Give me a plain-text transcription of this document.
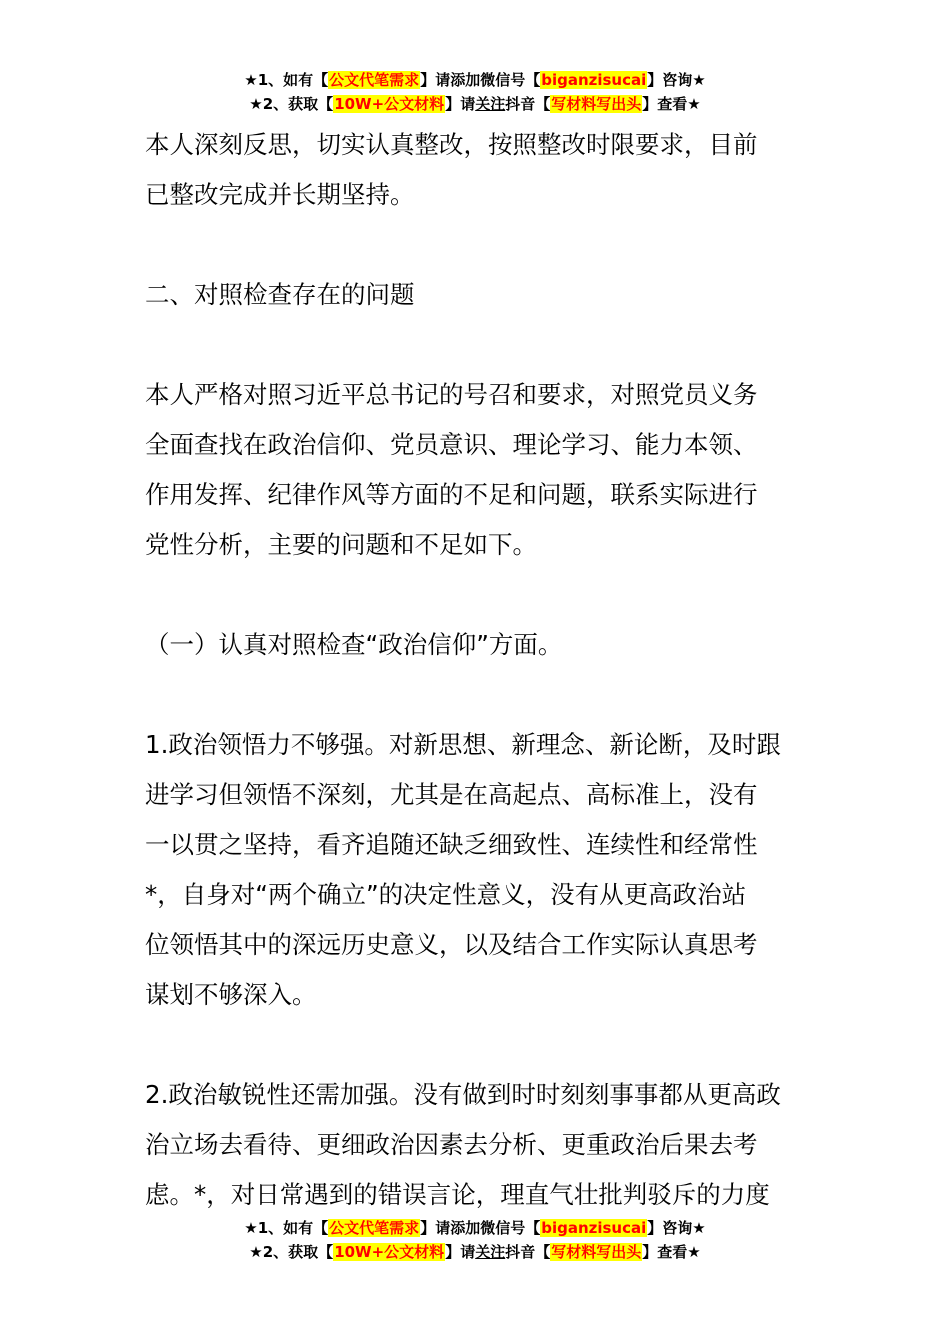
★1、如有【公文代笔需求】请添加微信号【biganzisucai】咨询★
★2、获取【10W+公文材料】请关注抖音【写材料写出头】查看★

本人深刻反思，切实认真整改，按照整改时限要求，目前

已整改完成并长期坚持。

二、对照检查存在的问题

本人严格对照习近平总书记的号召和要求，对照党员义务

全面查找在政治信仰、党员意识、理论学习、能力本领、

作用发挥、纪律作风等方面的不足和问题，联系实际进行

党性分析，主要的问题和不足如下。

（一）认真对照检查“政治信仰”方面。

1.政治领悟力不够强。对新思想、新理念、新论断，及时跟

进学习但领悟不深刻，尤其是在高起点、高标准上，没有

一以贯之坚持，看齐追随还缺乏细致性、连续性和经常性

*，自身对“两个确立”的决定性意义，没有从更高政治站

位领悟其中的深远历史意义，以及结合工作实际认真思考

谋划不够深入。

2.政治敏锐性还需加强。没有做到时时刻刻事事都从更高政

治立场去看待、更细政治因素去分析、更重政治后果去考

虑。*，对日常遇到的错误言论，理直气壮批判驳斥的力度

★1、如有【公文代笔需求】请添加微信号【biganzisucai】咨询★
★2、获取【10W+公文材料】请关注抖音【写材料写出头】查看★
